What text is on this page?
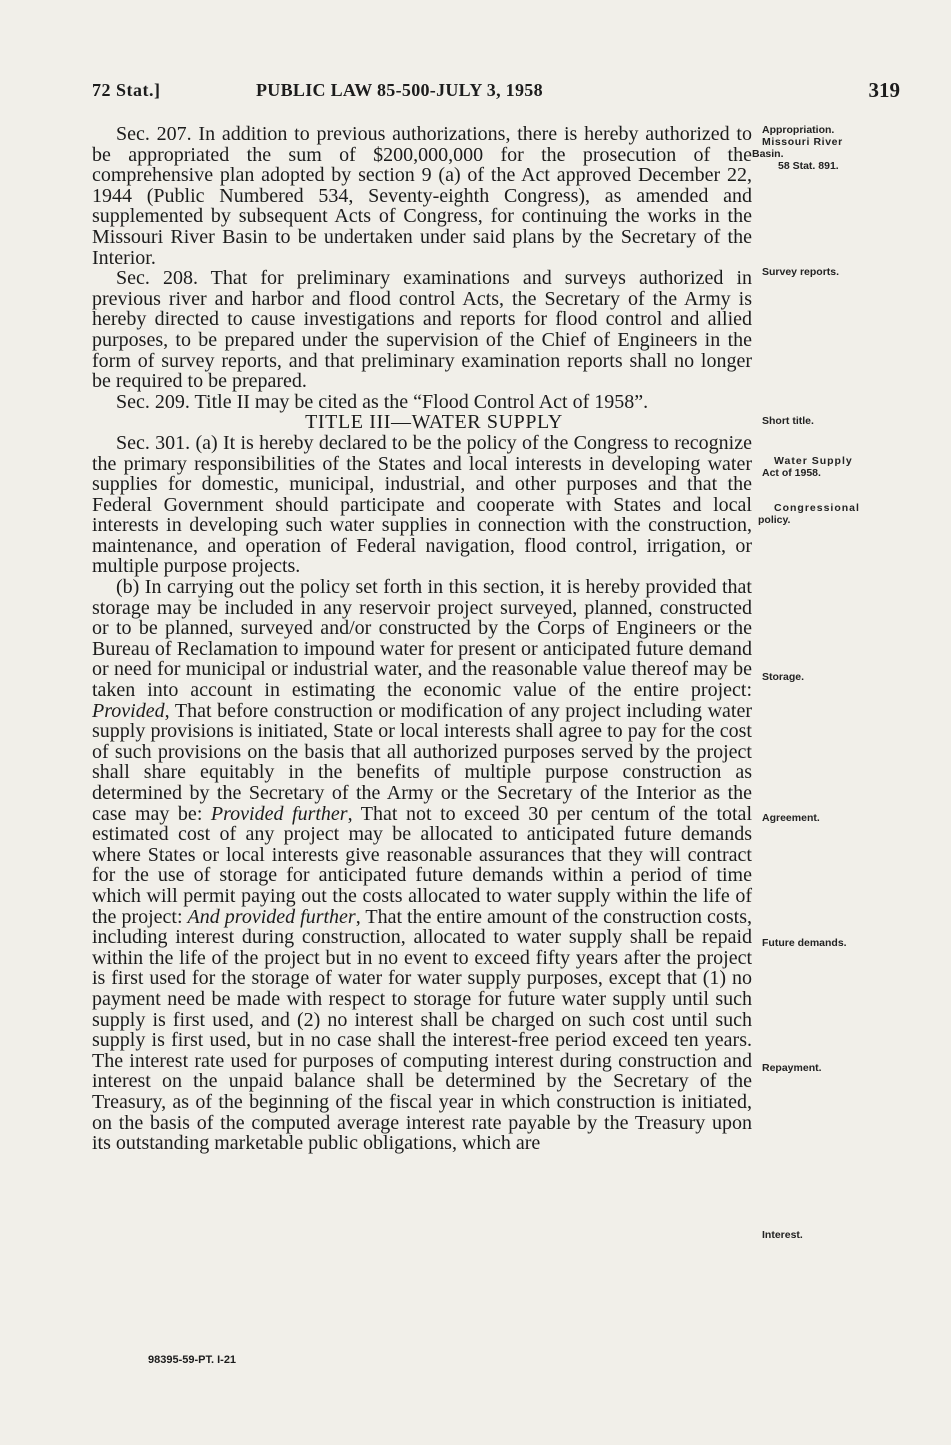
72 Stat.]	PUBLIC LAW 85-500-JULY 3, 1958	319

Sec. 207. In addition to previous authorizations, there is hereby authorized to be appropriated the sum of $200,000,000 for the prosecution of the comprehensive plan adopted by section 9 (a) of the Act approved December 22, 1944 (Public Numbered 534, Seventy-eighth Congress), as amended and supplemented by subsequent Acts of Congress, for continuing the works in the Missouri River Basin to be undertaken under said plans by the Secretary of the Interior.

Sec. 208. That for preliminary examinations and surveys authorized in previous river and harbor and flood control Acts, the Secretary of the Army is hereby directed to cause investigations and reports for flood control and allied purposes, to be prepared under the supervision of the Chief of Engineers in the form of survey reports, and that preliminary examination reports shall no longer be required to be prepared.

Sec. 209. Title II may be cited as the “Flood Control Act of 1958”.

TITLE III—WATER SUPPLY

Sec. 301. (a) It is hereby declared to be the policy of the Congress to recognize the primary responsibilities of the States and local interests in developing water supplies for domestic, municipal, industrial, and other purposes and that the Federal Government should participate and cooperate with States and local interests in developing such water supplies in connection with the construction, maintenance, and operation of Federal navigation, flood control, irrigation, or multiple purpose projects.

(b) In carrying out the policy set forth in this section, it is hereby provided that storage may be included in any reservoir project surveyed, planned, constructed or to be planned, surveyed and/or constructed by the Corps of Engineers or the Bureau of Reclamation to impound water for present or anticipated future demand or need for municipal or industrial water, and the reasonable value thereof may be taken into account in estimating the economic value of the entire project: Provided, That before construction or modification of any project including water supply provisions is initiated, State or local interests shall agree to pay for the cost of such provisions on the basis that all authorized purposes served by the project shall share equitably in the benefits of multiple purpose construction as determined by the Secretary of the Army or the Secretary of the Interior as the case may be: Provided further, That not to exceed 30 per centum of the total estimated cost of any project may be allocated to anticipated future demands where States or local interests give reasonable assurances that they will contract for the use of storage for anticipated future demands within a period of time which will permit paying out the costs allocated to water supply within the life of the project: And provided further, That the entire amount of the construction costs, including interest during construction, allocated to water supply shall be repaid within the life of the project but in no event to exceed fifty years after the project is first used for the storage of water for water supply purposes, except that (1) no payment need be made with respect to storage for future water supply until such supply is first used, and (2) no interest shall be charged on such cost until such supply is first used, but in no case shall the interest-free period exceed ten years. The interest rate used for purposes of computing interest during construction and interest on the unpaid balance shall be determined by the Secretary of the Treasury, as of the beginning of the fiscal year in which construction is initiated, on the basis of the computed average interest rate payable by the Treasury upon its outstanding marketable public obligations, which are

Appropriation.
Missouri River
Basin.
58 Stat. 891.
Survey reports.
Short title.
Water Supply
Act of 1958.
Congressional
policy.
Storage.
Agreement.
Future demands.
Repayment.
Interest.
98395-59-PT. I-21
